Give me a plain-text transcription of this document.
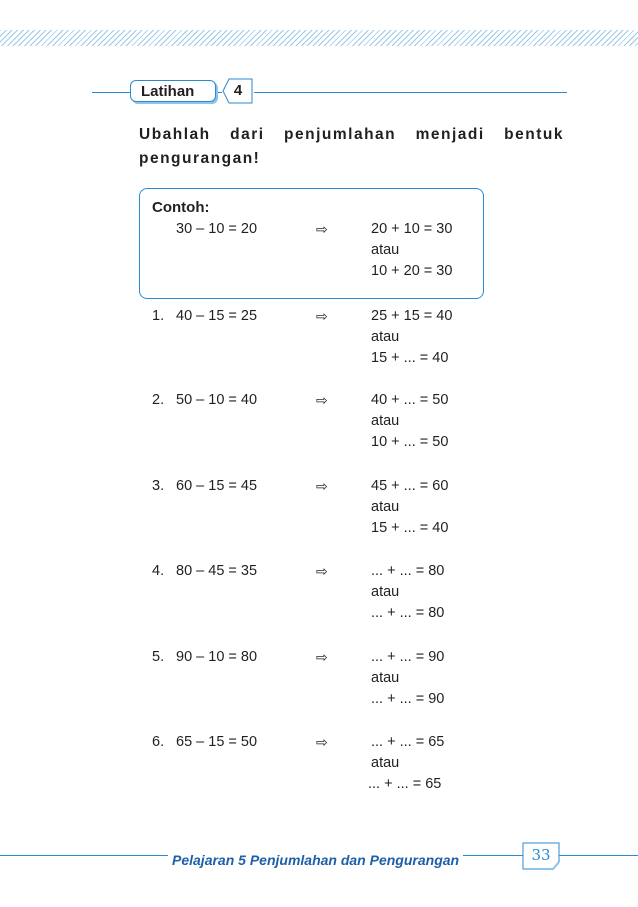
Latihan	4
Ubahlah dari penjumlahan menjadi bentuk pengurangan!
Contoh:
30 – 10 = 20	⇨	20 + 10 = 30
atau
10 + 20 = 30
1. 40 – 15 = 25	⇨	25 + 15 = 40
atau
15 + ... = 40
2. 50 – 10 = 40	⇨	40 + ... = 50
atau
10 + ... = 50
3. 60 – 15 = 45	⇨	45 + ... = 60
atau
15 + ... = 40
4. 80 – 45 = 35	⇨	... + ... = 80
atau
... + ... = 80
5. 90 – 10 = 80	⇨	... + ... = 90
atau
... + ... = 90
6. 65 – 15 = 50	⇨	... + ... = 65
atau
... + ... = 65
Pelajaran 5 Penjumlahan dan Pengurangan	33
